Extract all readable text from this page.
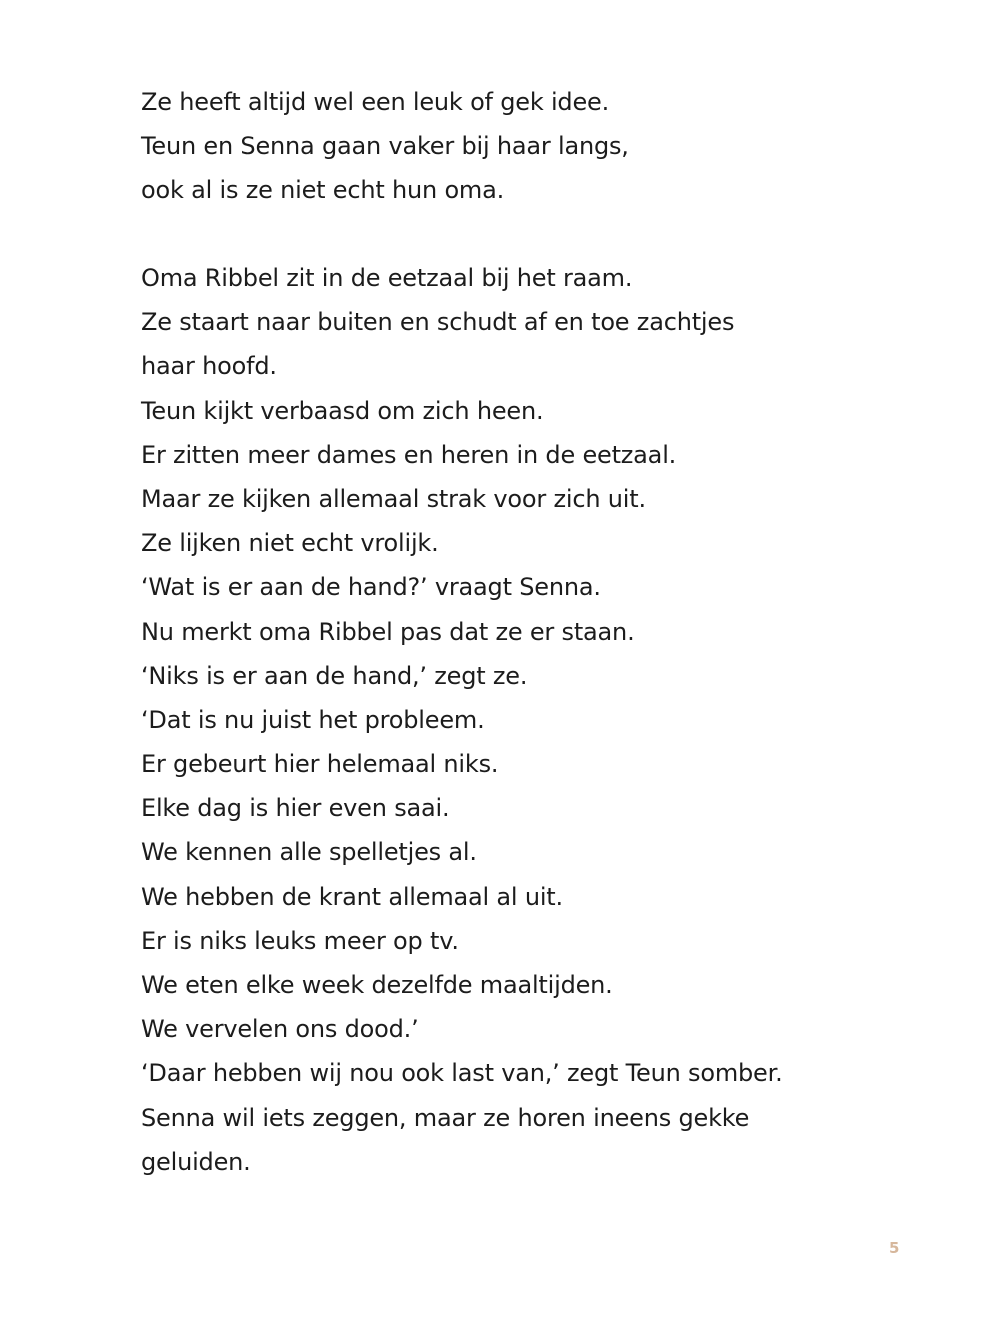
Ze heeft altijd wel een leuk of gek idee.
Teun en Senna gaan vaker bij haar langs,
ook al is ze niet echt hun oma.
Oma Ribbel zit in de eetzaal bij het raam.
Ze staart naar buiten en schudt af en toe zachtjes
haar hoofd.
Teun kijkt verbaasd om zich heen.
Er zitten meer dames en heren in de eetzaal.
Maar ze kijken allemaal strak voor zich uit.
Ze lijken niet echt vrolijk.
‘Wat is er aan de hand?’ vraagt Senna.
Nu merkt oma Ribbel pas dat ze er staan.
‘Niks is er aan de hand,’ zegt ze.
‘Dat is nu juist het probleem.
Er gebeurt hier helemaal niks.
Elke dag is hier even saai.
We kennen alle spelletjes al.
We hebben de krant allemaal al uit.
Er is niks leuks meer op tv.
We eten elke week dezelfde maaltijden.
We vervelen ons dood.’
‘Daar hebben wij nou ook last van,’ zegt Teun somber.
Senna wil iets zeggen, maar ze horen ineens gekke
geluiden.
5
